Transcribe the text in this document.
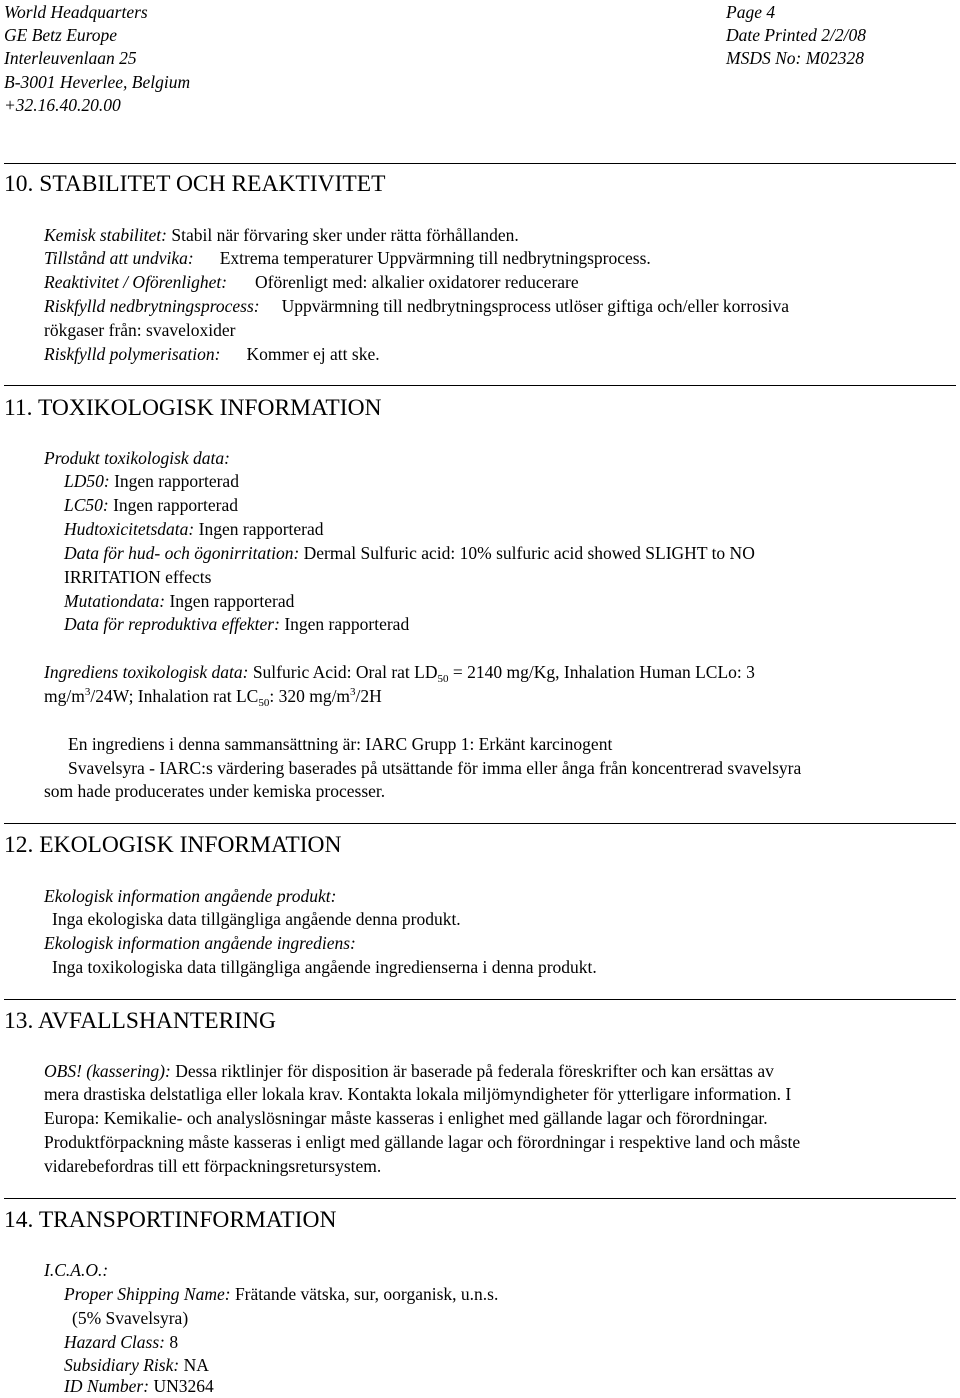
World Headquarters
GE Betz Europe
Interleuvenlaan 25
B-3001 Heverlee, Belgium
+32.16.40.20.00
Page 4
Date Printed 2/2/08
MSDS No: M02328
10. STABILITET OCH REAKTIVITET
Kemisk stabilitet: Stabil när förvaring sker under rätta förhållanden.
Tillstånd att undvika: Extrema temperaturer Uppvärmning till nedbrytningsprocess.
Reaktivitet / Oförenlighet: Oförenligt med: alkalier oxidatorer reducerare
Riskfylld nedbrytningsprocess: Uppvärmning till nedbrytningsprocess utlöser giftiga och/eller korrosiva
rökgaser från: svaveloxider
Riskfylld polymerisation: Kommer ej att ske.
11. TOXIKOLOGISK INFORMATION
Produkt toxikologisk data:
LD50: Ingen rapporterad
LC50: Ingen rapporterad
Hudtoxicitetsdata: Ingen rapporterad
Data för hud- och ögonirritation: Dermal Sulfuric acid: 10% sulfuric acid showed SLIGHT to NO
IRRITATION effects
Mutationdata: Ingen rapporterad
Data för reproduktiva effekter: Ingen rapporterad
Ingrediens toxikologisk data: Sulfuric Acid: Oral rat $LD_{50} = 2140$ mg/Kg, Inhalation Human LCLo: 3
$mg/m^3/24W$; Inhalation rat $LC_{50}$: 320 $mg/m^3/2H$
En ingrediens i denna sammansättning är: IARC Grupp 1: Erkänt karcinogent
Svavelsyra - IARC:s värdering baserades på utsättande för imma eller ånga från koncentrerad svavelsyra
som hade producerates under kemiska processer.
12. EKOLOGISK INFORMATION
Ekologisk information angående produkt:
Inga ekologiska data tillgängliga angående denna produkt.
Ekologisk information angående ingrediens:
Inga toxikologiska data tillgängliga angående ingredienserna i denna produkt.
13. AVFALLSHANTERING
OBS! (kassering): Dessa riktlinjer för disposition är baserade på federala föreskrifter och kan ersättas av
mera drastiska delstatliga eller lokala krav. Kontakta lokala miljömyndigheter för ytterligare information. I
Europa: Kemikalie- och analyslösningar måste kasseras i enlighet med gällande lagar och förordningar.
Produktförpackning måste kasseras i enligt med gällande lagar och förordningar i respektive land och måste
vidarebefordras till ett förpackningsretursystem.
14. TRANSPORTINFORMATION
I.C.A.O.:
Proper Shipping Name: Frätande vätska, sur, oorganisk, u.n.s.
(5% Svavelsyra)
Hazard Class: 8
Subsidiary Risk: NA
ID Number: UN3264
